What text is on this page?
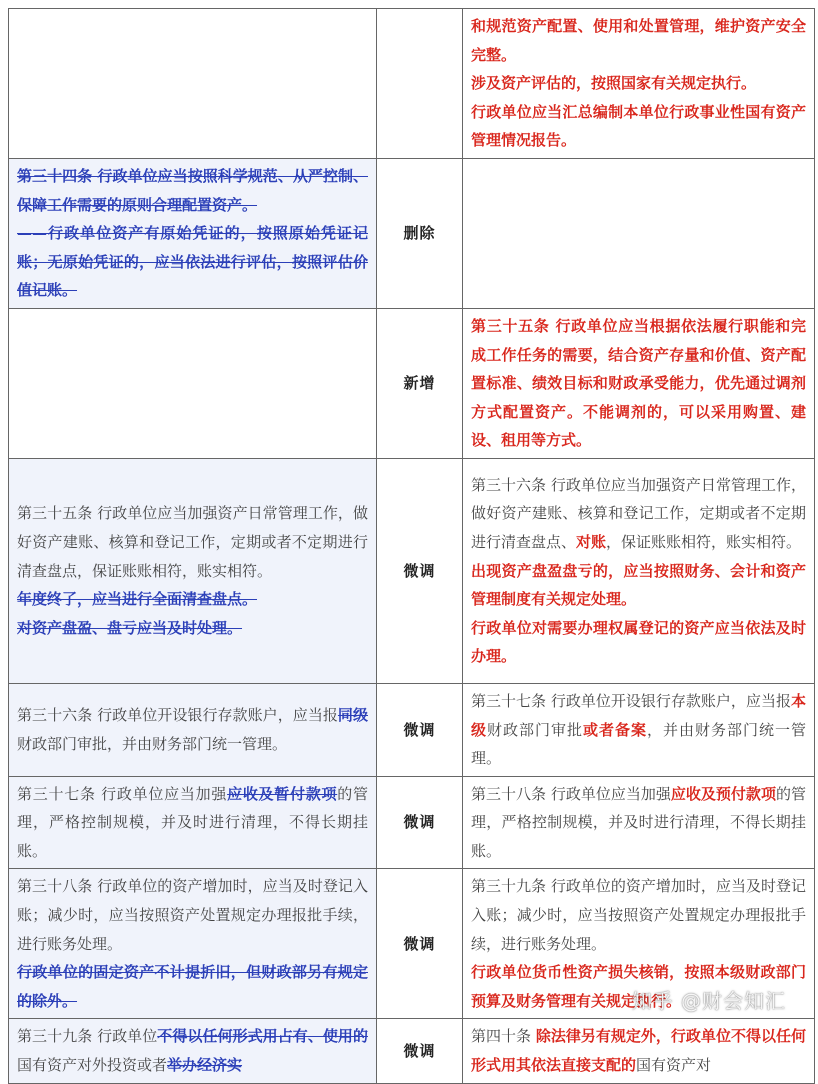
		和规范资产配置、使用和处置管理，维护资产安全完整。
涉及资产评估的，按照国家有关规定执行。
行政单位应当汇总编制本单位行政事业性国有资产管理情况报告。

第三十四条 行政单位应当按照科学规范、从严控制、保障工作需要的原则合理配置资产。
——行政单位资产有原始凭证的，按照原始凭证记账；无原始凭证的，应当依法进行评估，按照评估价值记账。	删除	
	新增	第三十五条 行政单位应当根据依法履行职能和完成工作任务的需要，结合资产存量和价值、资产配置标准、绩效目标和财政承受能力，优先通过调剂方式配置资产。不能调剂的，可以采用购置、建设、租用等方式。

第三十五条 行政单位应当加强资产日常管理工作，做好资产建账、核算和登记工作，定期或者不定期进行清查盘点，保证账账相符，账实相符。
年度终了，应当进行全面清查盘点。
对资产盘盈、盘亏应当及时处理。	微调	第三十六条 行政单位应当加强资产日常管理工作，做好资产建账、核算和登记工作，定期或者不定期进行清查盘点、对账，保证账账相符，账实相符。
出现资产盘盈盘亏的，应当按照财务、会计和资产管理制度有关规定处理。
行政单位对需要办理权属登记的资产应当依法及时办理。

第三十六条 行政单位开设银行存款账户，应当报同级财政部门审批，并由财务部门统一管理。	微调	第三十七条 行政单位开设银行存款账户，应当报本级财政部门审批或者备案，并由财务部门统一管理。

第三十七条 行政单位应当加强应收及暂付款项的管理，严格控制规模，并及时进行清理，不得长期挂账。	微调	第三十八条 行政单位应当加强应收及预付款项的管理，严格控制规模，并及时进行清理，不得长期挂账。

第三十八条 行政单位的资产增加时，应当及时登记入账；减少时，应当按照资产处置规定办理报批手续，进行账务处理。
行政单位的固定资产不计提折旧，但财政部另有规定的除外。	微调	第三十九条 行政单位的资产增加时，应当及时登记入账；减少时，应当按照资产处置规定办理报批手续，进行账务处理。
行政单位货币性资产损失核销，按照本级财政部门预算及财务管理有关规定执行。

第三十九条 行政单位不得以任何形式用占有、使用的国有资产对外投资或者举办经济实	微调	第四十条 除法律另有规定外，行政单位不得以任何形式用其依法直接支配的国有资产对
知乎 @财会知汇
